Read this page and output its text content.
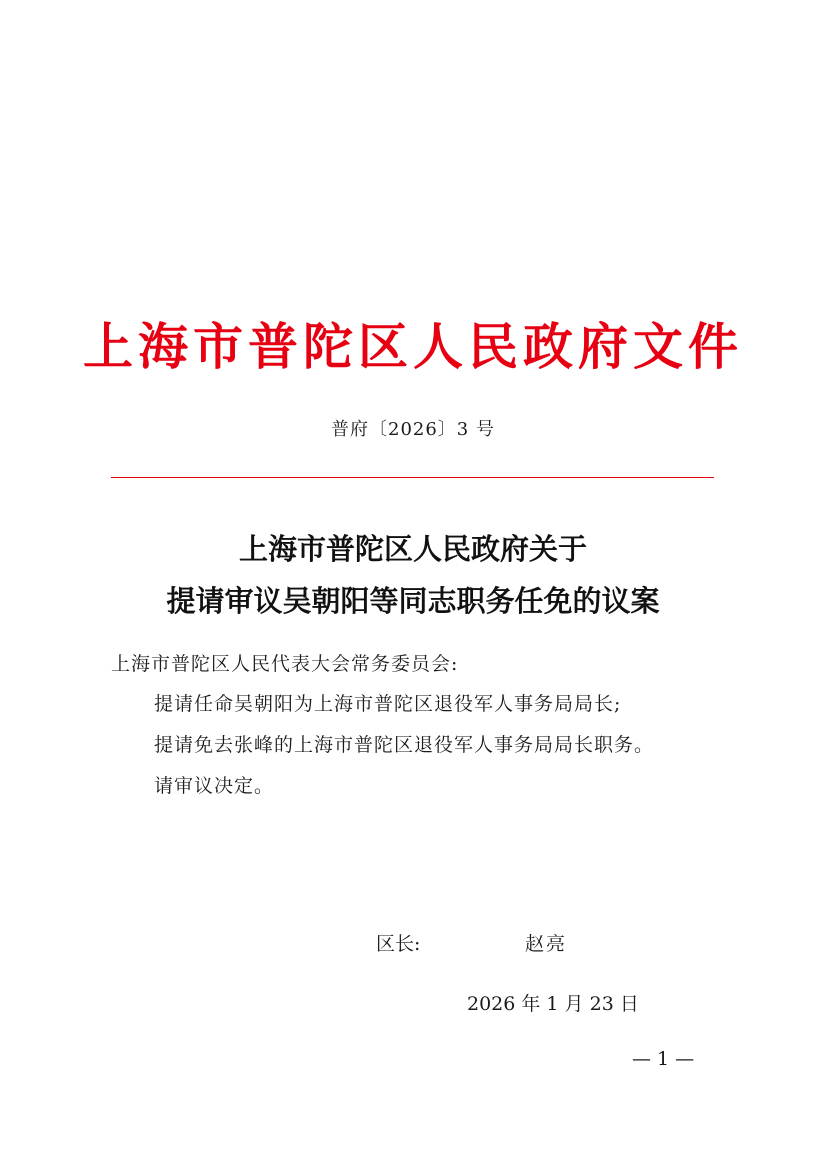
上海市普陀区人民政府文件
普府〔2026〕3 号
上海市普陀区人民政府关于
提请审议吴朝阳等同志职务任免的议案
上海市普陀区人民代表大会常务委员会:
提请任命吴朝阳为上海市普陀区退役军人事务局局长;
提请免去张峰的上海市普陀区退役军人事务局局长职务。
请审议决定。
区长:	赵亮
2026 年 1 月 23 日
— 1 —
